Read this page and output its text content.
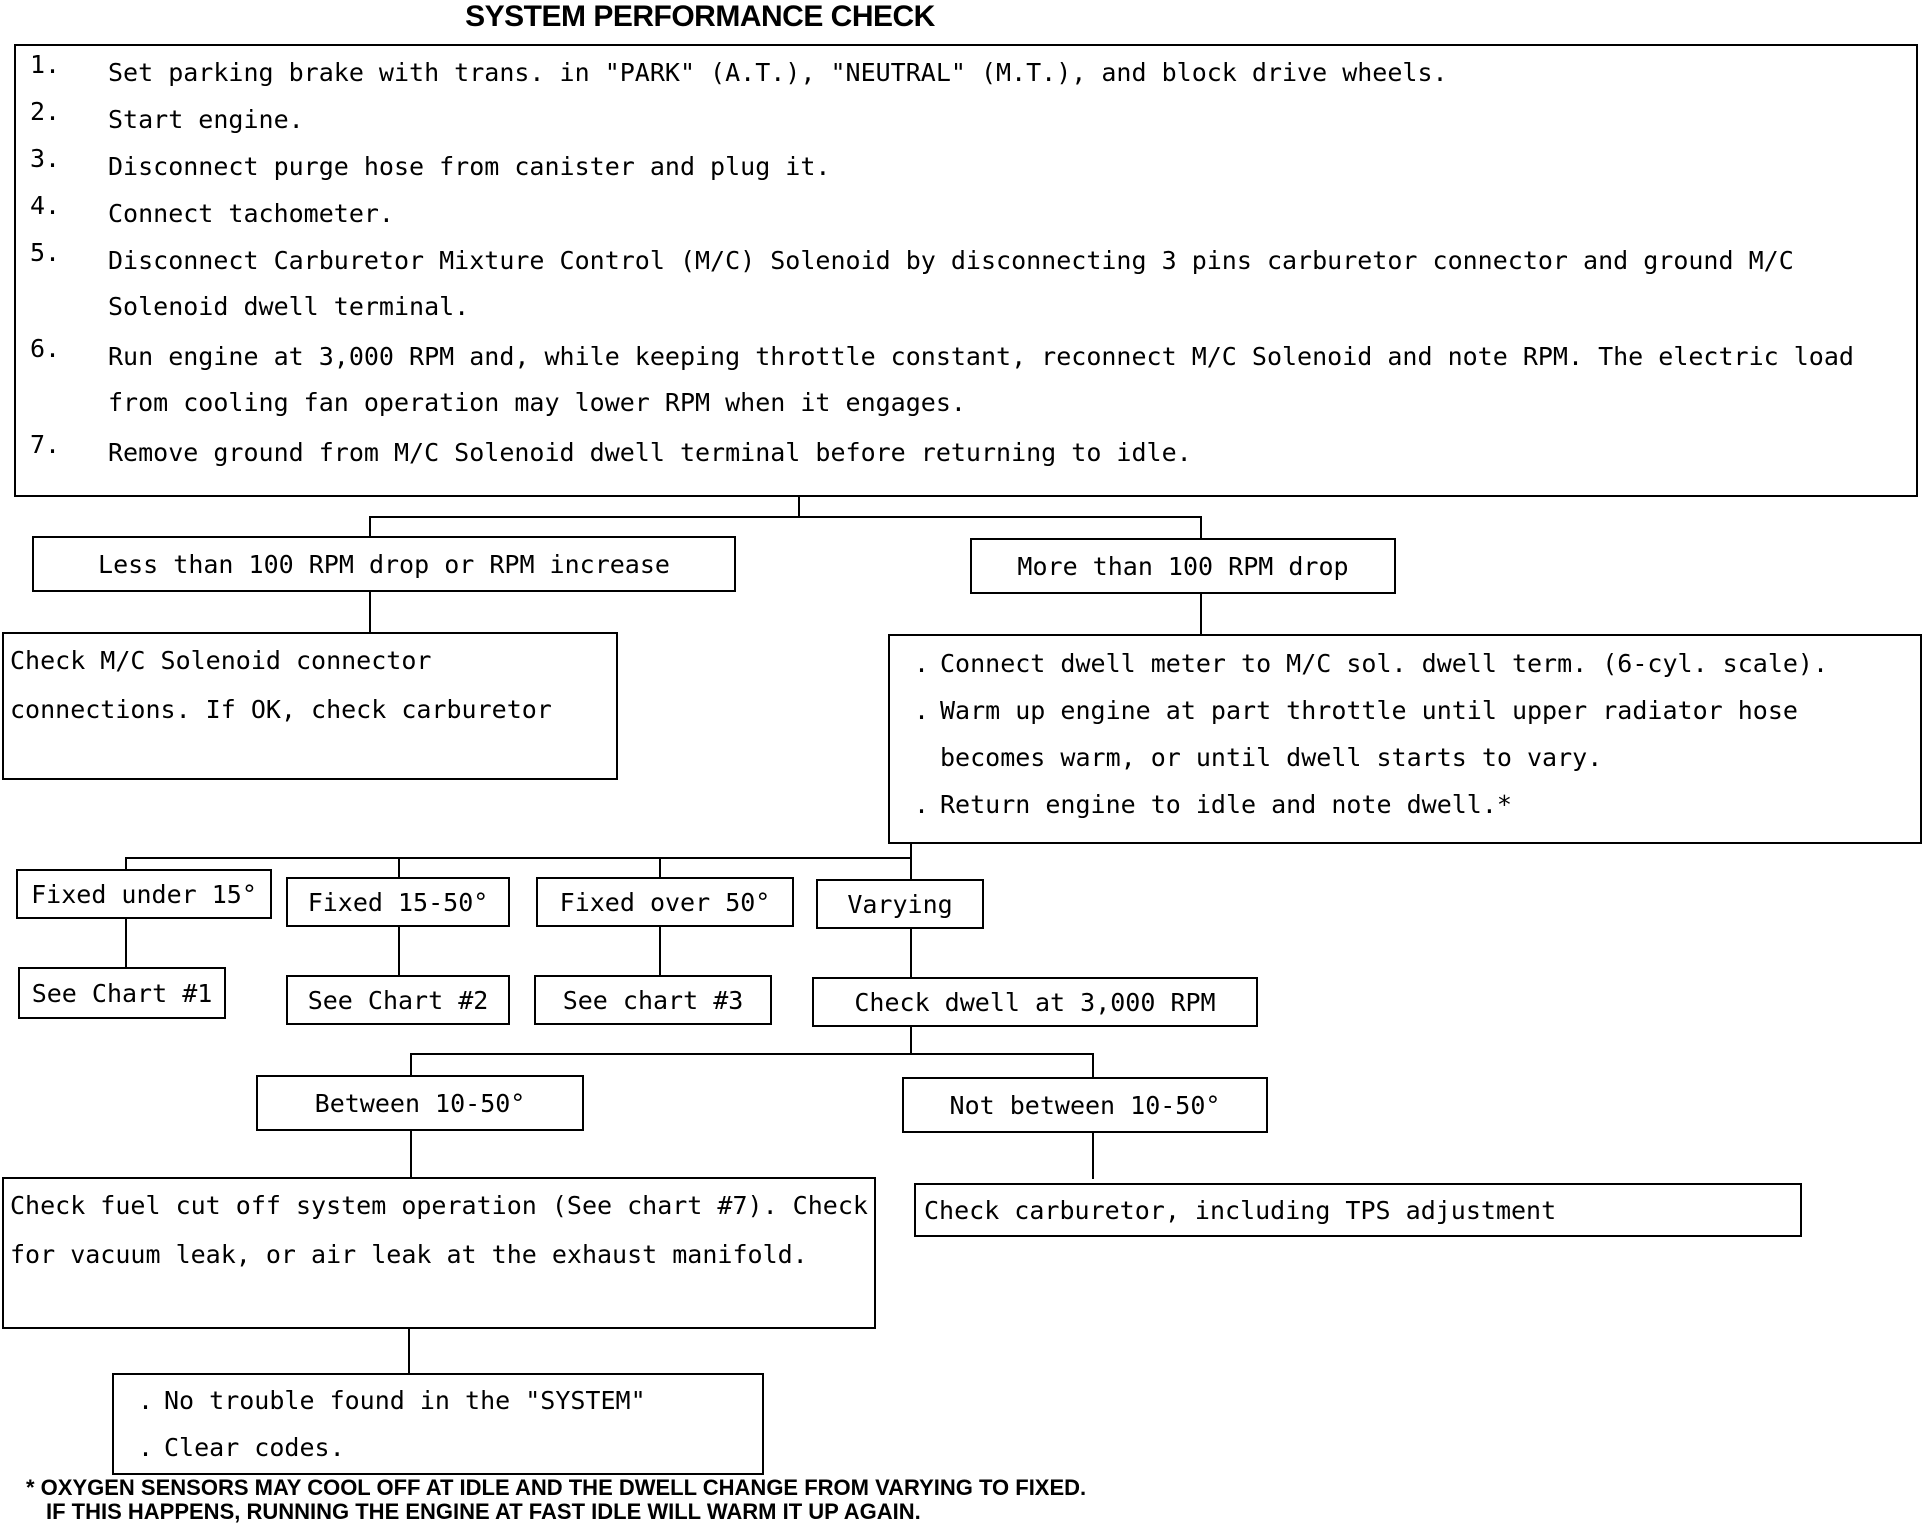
SYSTEM PERFORMANCE CHECK
1.	Set parking brake with trans. in "PARK" (A.T.), "NEUTRAL" (M.T.), and block drive wheels.
2.	Start engine.
3.	Disconnect purge hose from canister and plug it.
4.	Connect tachometer.
5.	Disconnect Carburetor Mixture Control (M/C) Solenoid by disconnecting 3 pins carburetor connector and ground M/C Solenoid dwell terminal.
6.	Run engine at 3,000 RPM and, while keeping throttle constant, reconnect M/C Solenoid and note RPM. The electric load from cooling fan operation may lower RPM when it engages.
7.	Remove ground from M/C Solenoid dwell terminal before returning to idle.
Less than 100 RPM drop or RPM increase	More than 100 RPM drop
Check M/C Solenoid connector connections. If OK, check carburetor
. Connect dwell meter to M/C sol. dwell term. (6-cyl. scale).
. Warm up engine at part throttle until upper radiator hose becomes warm, or until dwell starts to vary.
. Return engine to idle and note dwell.*
Fixed under 15°	Fixed 15-50°	Fixed over 50°	Varying
See Chart #1	See Chart #2	See chart #3	Check dwell at 3,000 RPM
Between 10-50°	Not between 10-50°
Check fuel cut off system operation (See chart #7). Check for vacuum leak, or air leak at the exhaust manifold.
Check carburetor, including TPS adjustment
. No trouble found in the "SYSTEM"
. Clear codes.
* OXYGEN SENSORS MAY COOL OFF AT IDLE AND THE DWELL CHANGE FROM VARYING TO FIXED.
IF THIS HAPPENS, RUNNING THE ENGINE AT FAST IDLE WILL WARM IT UP AGAIN.
